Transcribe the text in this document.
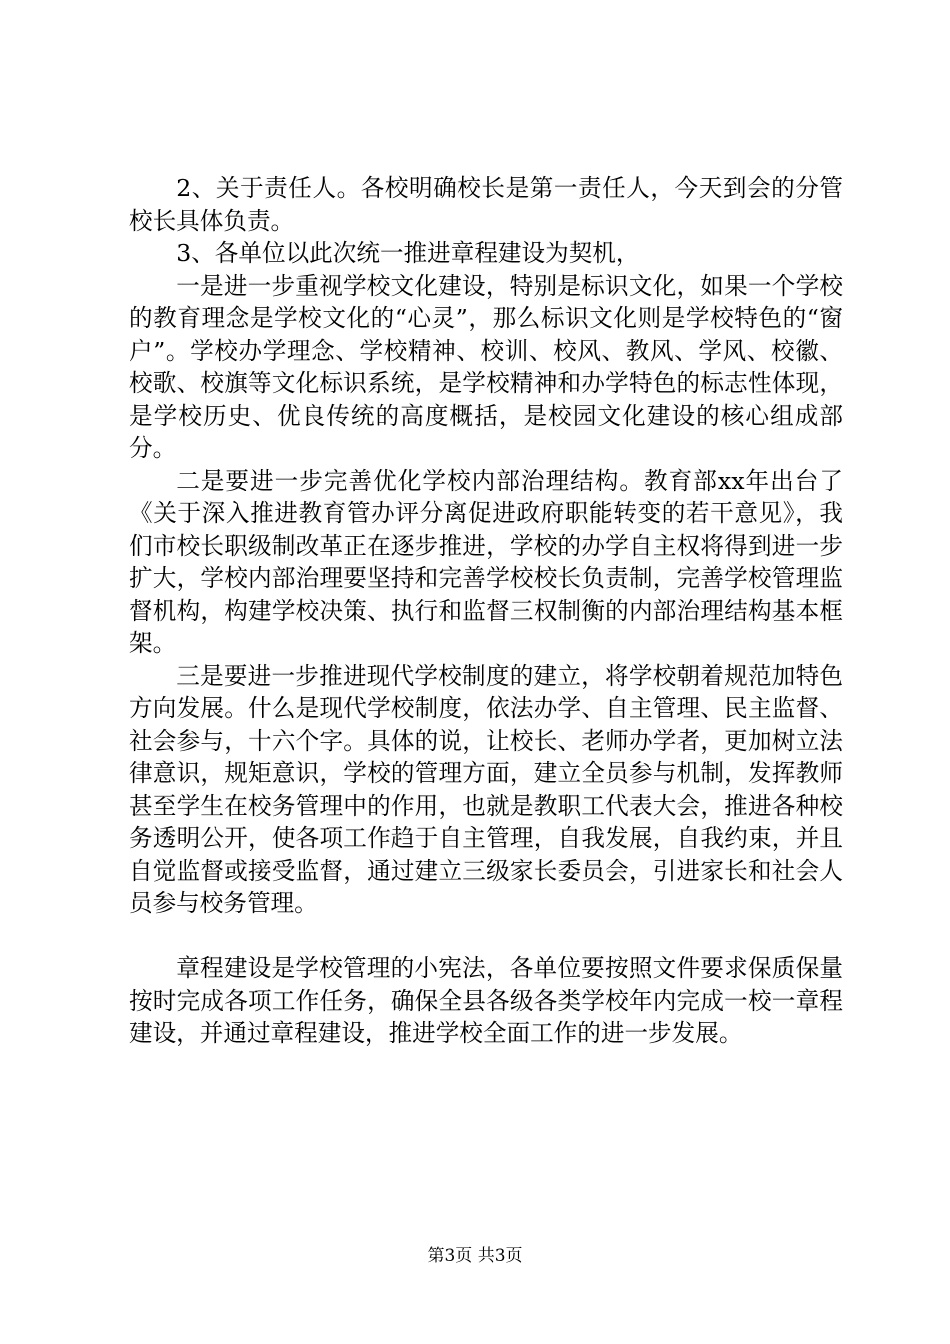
2、关于责任人。各校明确校长是第一责任人，今天到会的分管校长具体负责。

3、各单位以此次统一推进章程建设为契机，

一是进一步重视学校文化建设，特别是标识文化，如果一个学校的教育理念是学校文化的“心灵”，那么标识文化则是学校特色的“窗户”。学校办学理念、学校精神、校训、校风、教风、学风、校徽、校歌、校旗等文化标识系统，是学校精神和办学特色的标志性体现，是学校历史、优良传统的高度概括，是校园文化建设的核心组成部分。

二是要进一步完善优化学校内部治理结构。教育部xx年出台了《关于深入推进教育管办评分离促进政府职能转变的若干意见》，我们市校长职级制改革正在逐步推进，学校的办学自主权将得到进一步扩大，学校内部治理要坚持和完善学校校长负责制，完善学校管理监督机构，构建学校决策、执行和监督三权制衡的内部治理结构基本框架。

三是要进一步推进现代学校制度的建立，将学校朝着规范加特色方向发展。什么是现代学校制度，依法办学、自主管理、民主监督、社会参与，十六个字。具体的说，让校长、老师办学者，更加树立法律意识，规矩意识，学校的管理方面，建立全员参与机制，发挥教师甚至学生在校务管理中的作用，也就是教职工代表大会，推进各种校务透明公开，使各项工作趋于自主管理，自我发展，自我约束，并且自觉监督或接受监督，通过建立三级家长委员会，引进家长和社会人员参与校务管理。

章程建设是学校管理的小宪法，各单位要按照文件要求保质保量按时完成各项工作任务，确保全县各级各类学校年内完成一校一章程建设，并通过章程建设，推进学校全面工作的进一步发展。

第3页 共3页
